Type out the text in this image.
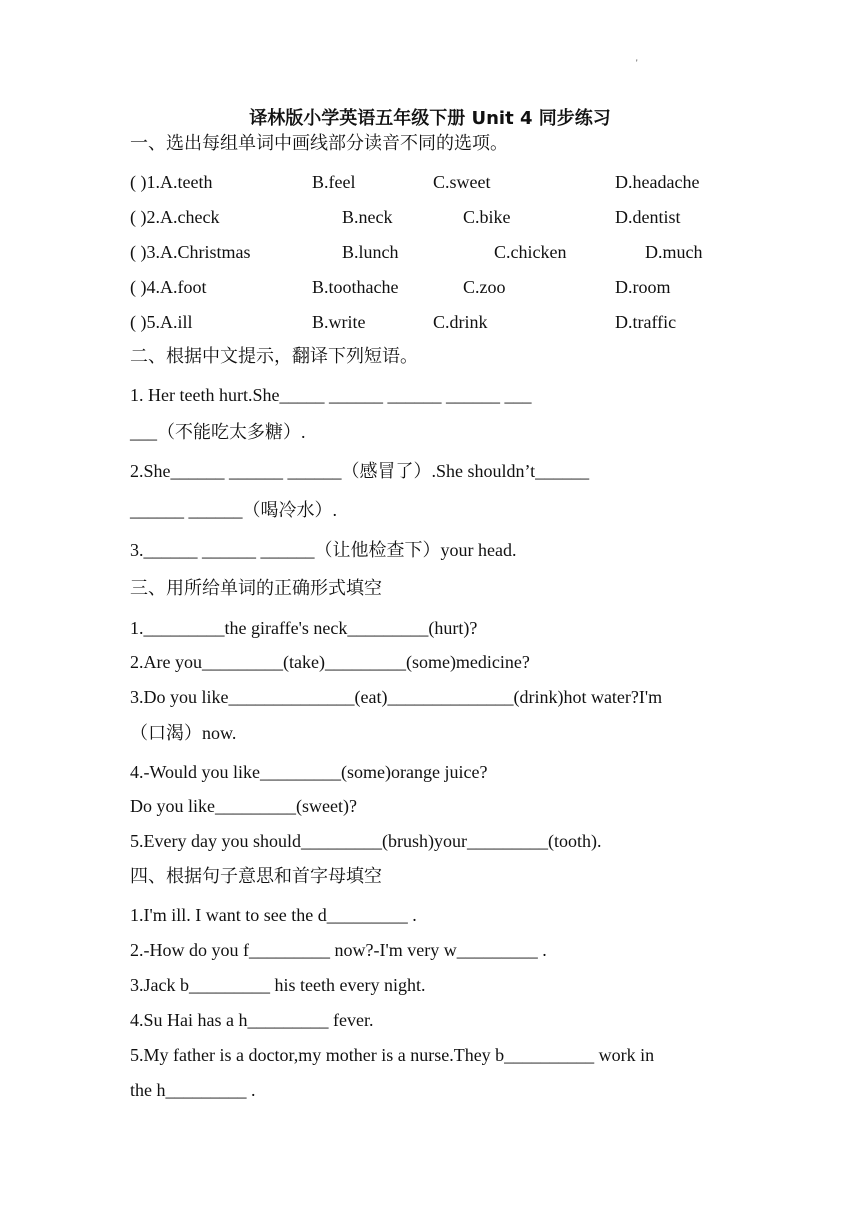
'
译林版小学英语五年级下册 Unit 4 同步练习
一、选出每组单词中画线部分读音不同的选项。
( )1.A.teeth	B.feel	C.sweet	D.headache
( )2.A.check	B.neck	C.bike	D.dentist
( )3.A.Christmas	B.lunch	C.chicken	D.much
( )4.A.foot	B.toothache	C.zoo	D.room
( )5.A.ill	B.write	C.drink	D.traffic
二、根据中文提示，翻译下列短语。
1. Her teeth hurt.She_____ ______ ______ ______ ___
___（不能吃太多糖）.
2.She______ ______ ______（感冒了）.She shouldn’t______
______ ______（喝冷水）.
3.______ ______ ______（让他检查下）your head.
三、用所给单词的正确形式填空
1._________the giraffe's neck_________(hurt)?
2.Are you_________(take)_________(some)medicine?
3.Do you like______________(eat)______________(drink)hot water?I'm
（口渴）now.
4.-Would you like_________(some)orange juice?
Do you like_________(sweet)?
5.Every day you should_________(brush)your_________(tooth).
四、根据句子意思和首字母填空
1.I'm ill. I want to see the d_________ .
2.-How do you f_________ now?-I'm very w_________ .
3.Jack b_________ his teeth every night.
4.Su Hai has a h_________ fever.
5.My father is a doctor,my mother is a nurse.They b__________ work in
the h_________ .
